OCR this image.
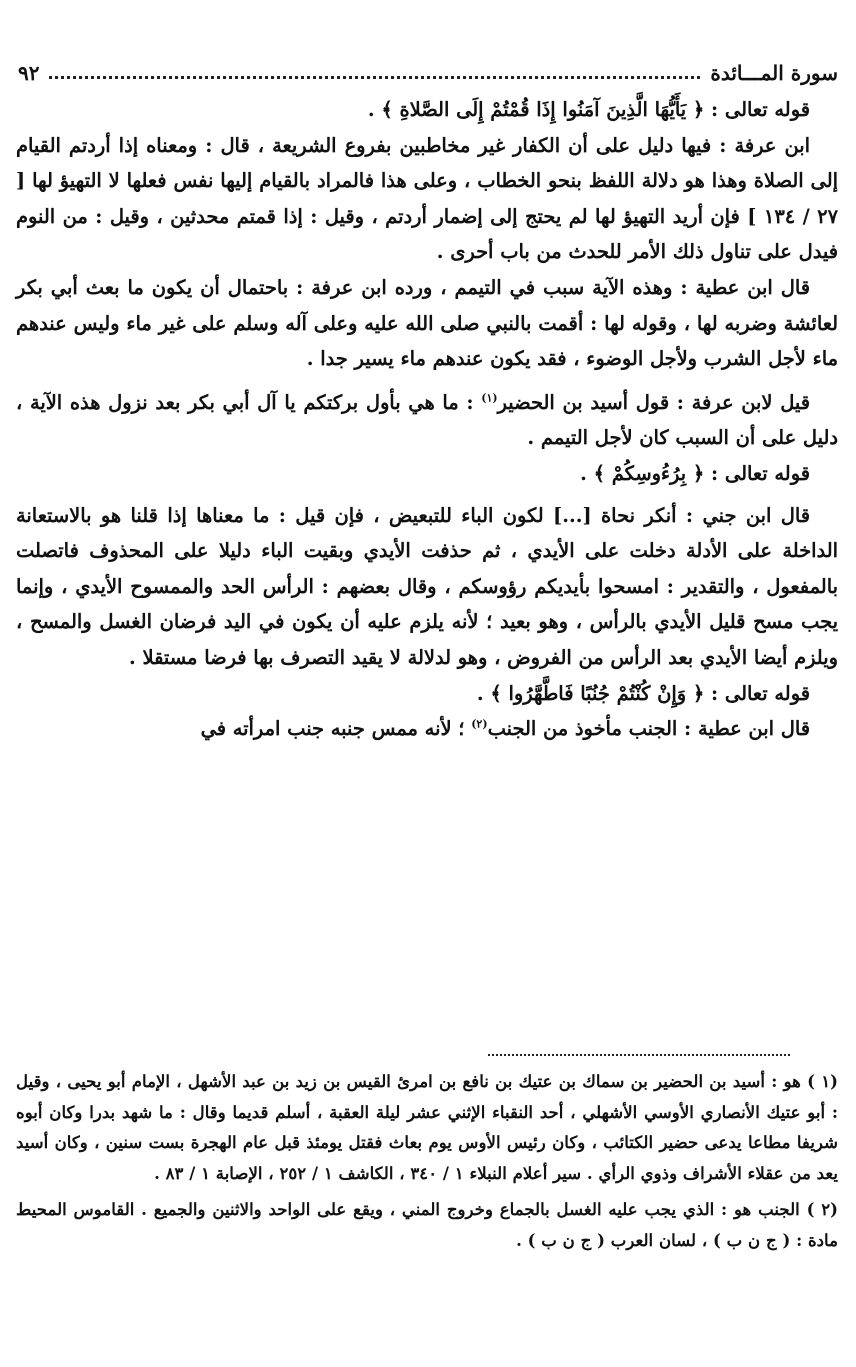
٩٢	سورة المـــائدة

قوله تعالى : ﴿ يَأَيُّهَا الَّذِينَ آمَنُوا إِذَا قُمْتُمْ إِلَى الصَّلاةِ ﴾ .

ابن عرفة : فيها دليل على أن الكفار غير مخاطبين بفروع الشريعة ، قال : ومعناه إذا أردتم القيام إلى الصلاة وهذا هو دلالة اللفظ بنحو الخطاب ، وعلى هذا فالمراد بالقيام إليها نفس فعلها لا التهيؤ لها [ ٢٧ / ١٣٤ ] فإن أريد التهيؤ لها لم يحتج إلى إضمار أردتم ، وقيل : إذا قمتم محدثين ، وقيل : من النوم فيدل على تناول ذلك الأمر للحدث من باب أحرى .

قال ابن عطية : وهذه الآية سبب في التيمم ، ورده ابن عرفة : باحتمال أن يكون ما بعث أبي بكر لعائشة وضربه لها ، وقوله لها : أقمت بالنبي صلى الله عليه وعلى آله وسلم على غير ماء وليس عندهم ماء لأجل الشرب ولأجل الوضوء ، فقد يكون عندهم ماء يسير جدا .

قيل لابن عرفة : قول أسيد بن الحضير$^{(١)}$ : ما هي بأول بركتكم يا آل أبي بكر بعد نزول هذه الآية ، دليل على أن السبب كان لأجل التيمم .

قوله تعالى : ﴿ بِرُءُوسِكُمْ ﴾ .

قال ابن جني : أنكر نحاة [...] لكون الباء للتبعيض ، فإن قيل : ما معناها إذا قلنا هو بالاستعانة الداخلة على الأدلة دخلت على الأيدي ، ثم حذفت الأيدي وبقيت الباء دليلا على المحذوف فاتصلت بالمفعول ، والتقدير : امسحوا بأيديكم رؤوسكم ، وقال بعضهم : الرأس الحد والممسوح الأيدي ، وإنما يجب مسح قليل الأيدي بالرأس ، وهو بعيد ؛ لأنه يلزم عليه أن يكون في اليد فرضان الغسل والمسح ، ويلزم أيضا الأيدي بعد الرأس من الفروض ، وهو لدلالة لا يقيد التصرف بها فرضا مستقلا .

قوله تعالى : ﴿ وَإِنْ كُنْتُمْ جُنُبًا فَاطَّهَّرُوا ﴾ .

قال ابن عطية : الجنب مأخوذ من الجنب$^{(٢)}$ ؛ لأنه ممس جنبه جنب امرأته في

(١ ) هو : أسيد بن الحضير بن سماك بن عتيك بن نافع بن امرئ القيس بن زيد بن عبد الأشهل ، الإمام أبو يحيى ، وقيل : أبو عتيك الأنصاري الأوسي الأشهلي ، أحد النقباء الإثني عشر ليلة العقبة ، أسلم قديما وقال : ما شهد بدرا وكان أبوه شريفا مطاعا يدعى حضير الكتائب ، وكان رئيس الأوس يوم بعاث فقتل يومئذ قبل عام الهجرة بست سنين ، وكان أسيد يعد من عقلاء الأشراف وذوي الرأي . سير أعلام النبلاء ١ / ٣٤٠ ، الكاشف ١ / ٢٥٢ ، الإصابة ١ / ٨٣ .

(٢ ) الجنب هو : الذي يجب عليه الغسل بالجماع وخروج المني ، ويقع على الواحد والاثنين والجميع . القاموس المحيط مادة : ( ج ن ب ) ، لسان العرب ( ج ن ب ) .
